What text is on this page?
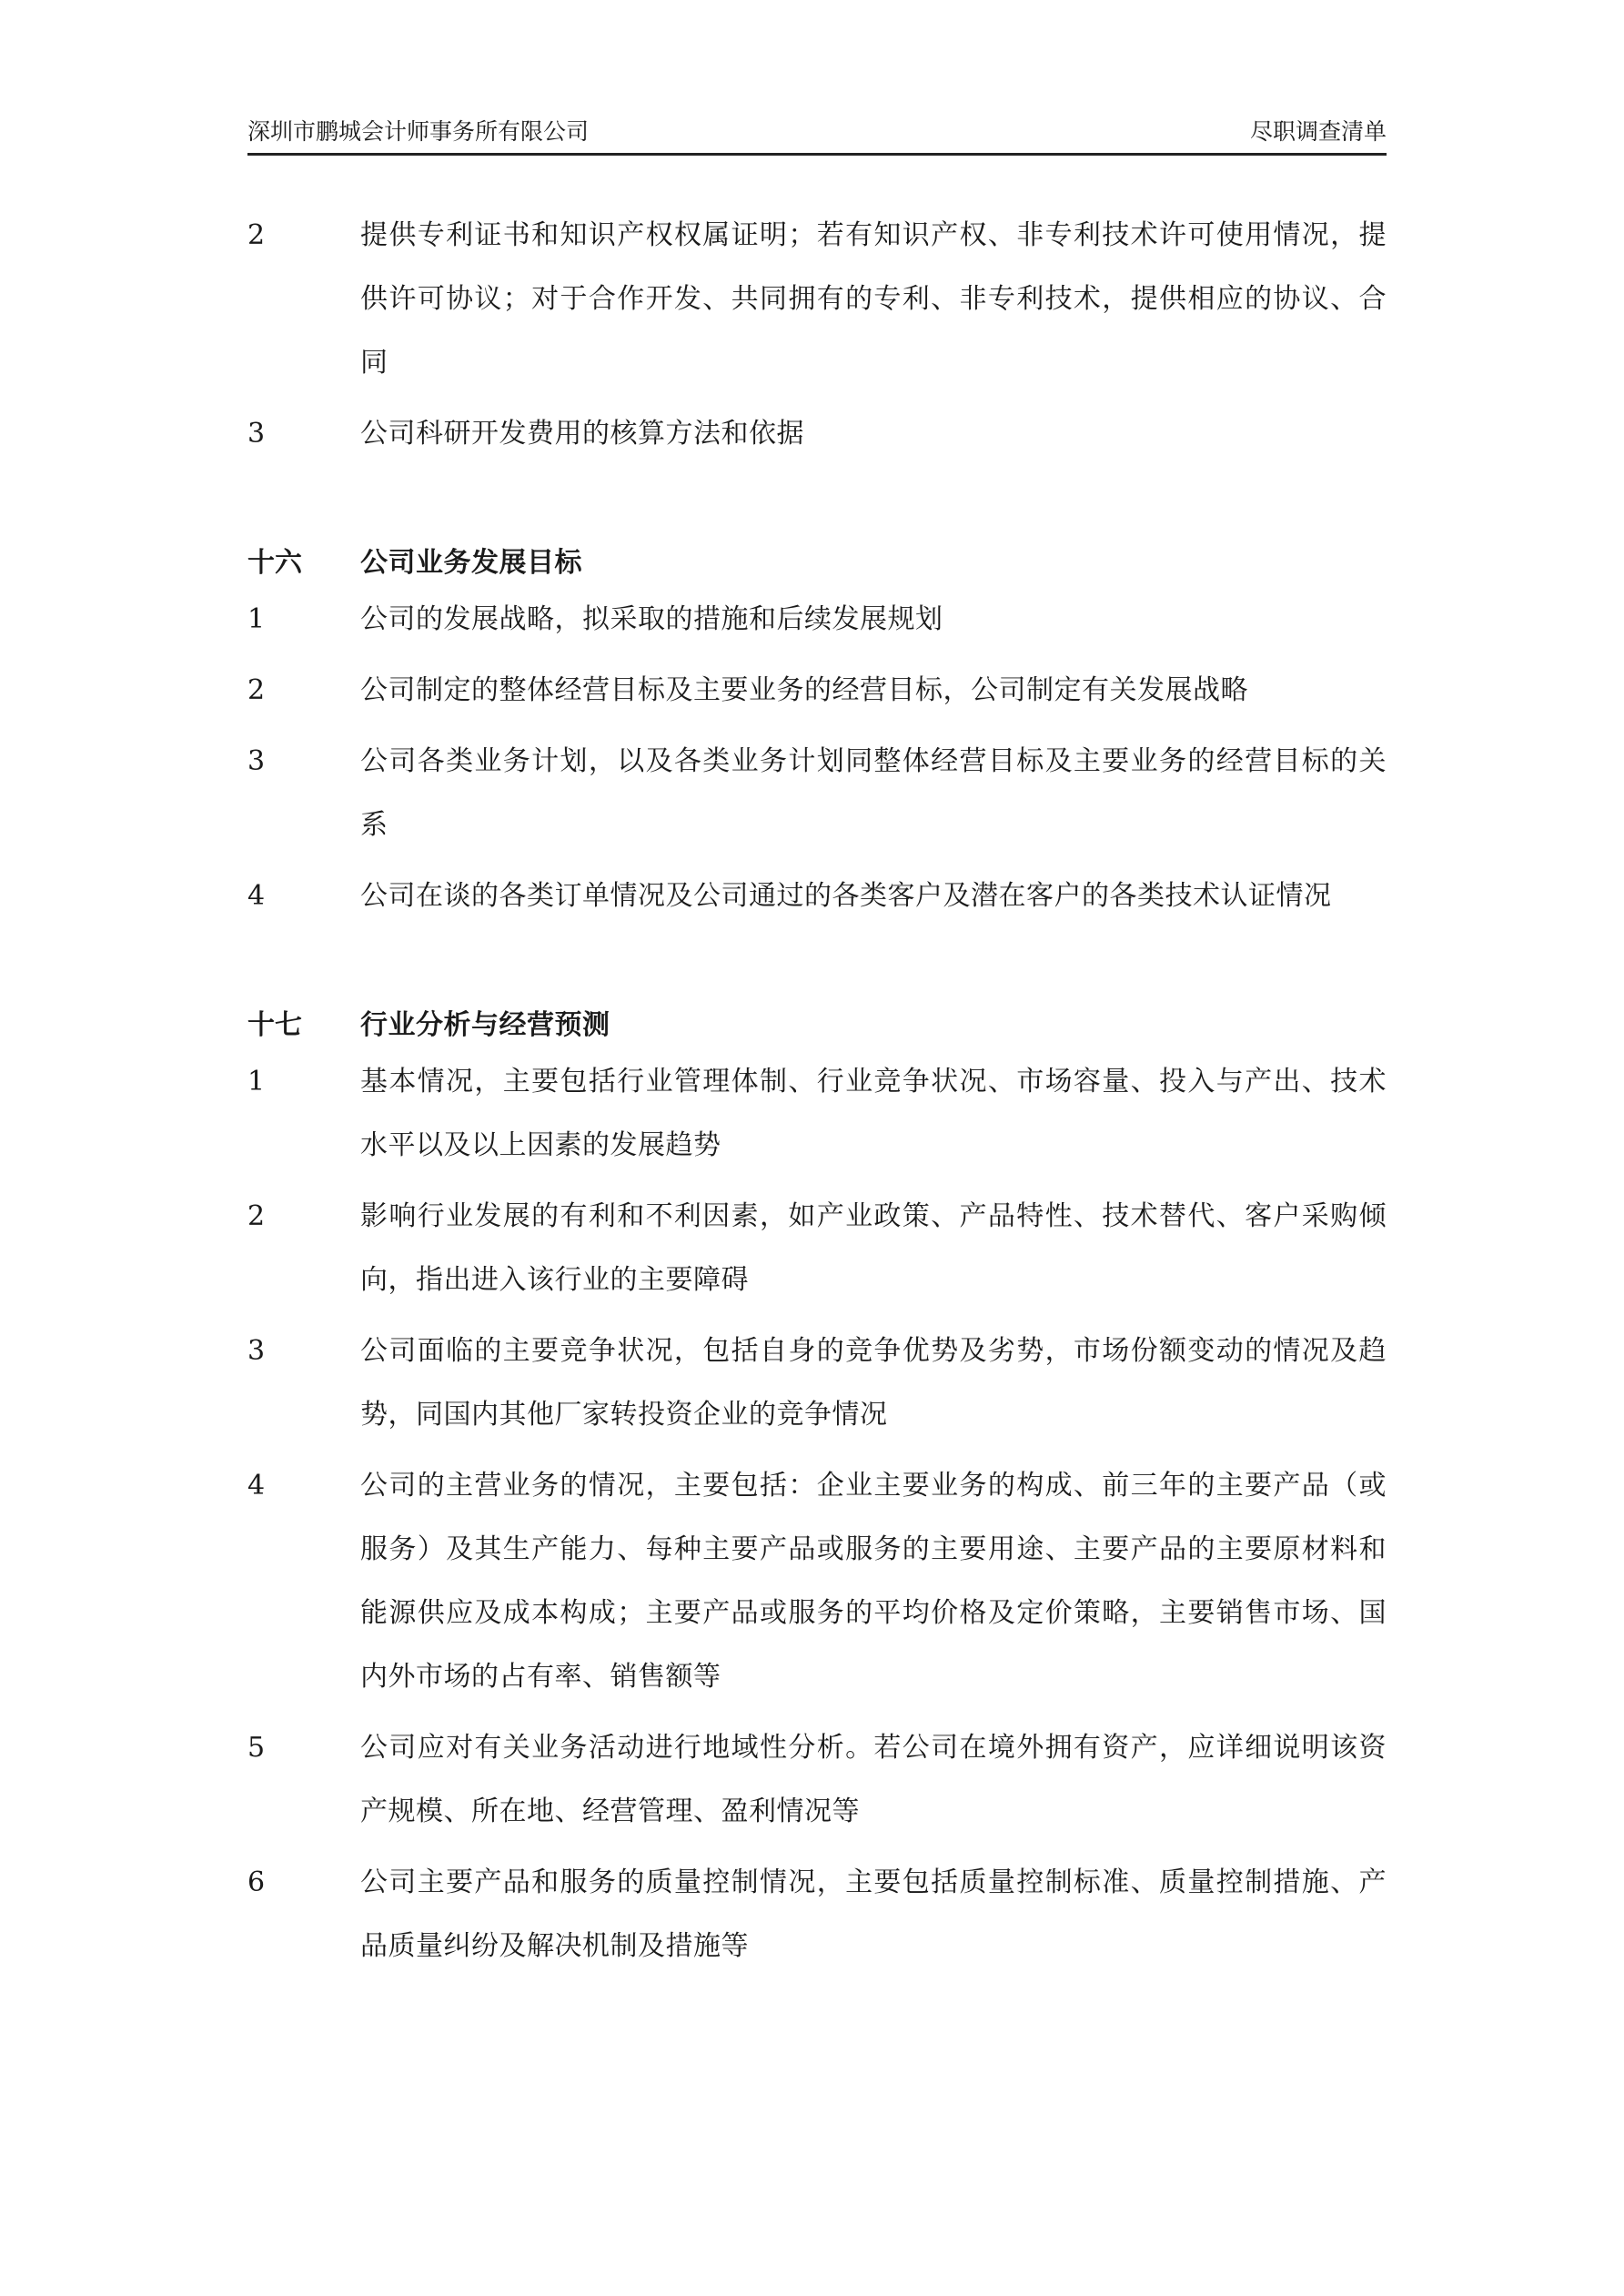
深圳市鹏城会计师事务所有限公司	尽职调查清单
2	提供专利证书和知识产权权属证明；若有知识产权、非专利技术许可使用情况，提供许可协议；对于合作开发、共同拥有的专利、非专利技术，提供相应的协议、合同
3	公司科研开发费用的核算方法和依据
十六 公司业务发展目标
1	公司的发展战略，拟采取的措施和后续发展规划
2	公司制定的整体经营目标及主要业务的经营目标，公司制定有关发展战略
3	公司各类业务计划，以及各类业务计划同整体经营目标及主要业务的经营目标的关系
4	公司在谈的各类订单情况及公司通过的各类客户及潜在客户的各类技术认证情况
十七 行业分析与经营预测
1	基本情况，主要包括行业管理体制、行业竞争状况、市场容量、投入与产出、技术水平以及以上因素的发展趋势
2	影响行业发展的有利和不利因素，如产业政策、产品特性、技术替代、客户采购倾向，指出进入该行业的主要障碍
3	公司面临的主要竞争状况，包括自身的竞争优势及劣势，市场份额变动的情况及趋势，同国内其他厂家转投资企业的竞争情况
4	公司的主营业务的情况，主要包括：企业主要业务的构成、前三年的主要产品（或服务）及其生产能力、每种主要产品或服务的主要用途、主要产品的主要原材料和能源供应及成本构成；主要产品或服务的平均价格及定价策略，主要销售市场、国内外市场的占有率、销售额等
5	公司应对有关业务活动进行地域性分析。若公司在境外拥有资产，应详细说明该资产规模、所在地、经营管理、盈利情况等
6	公司主要产品和服务的质量控制情况，主要包括质量控制标准、质量控制措施、产品质量纠纷及解决机制及措施等
